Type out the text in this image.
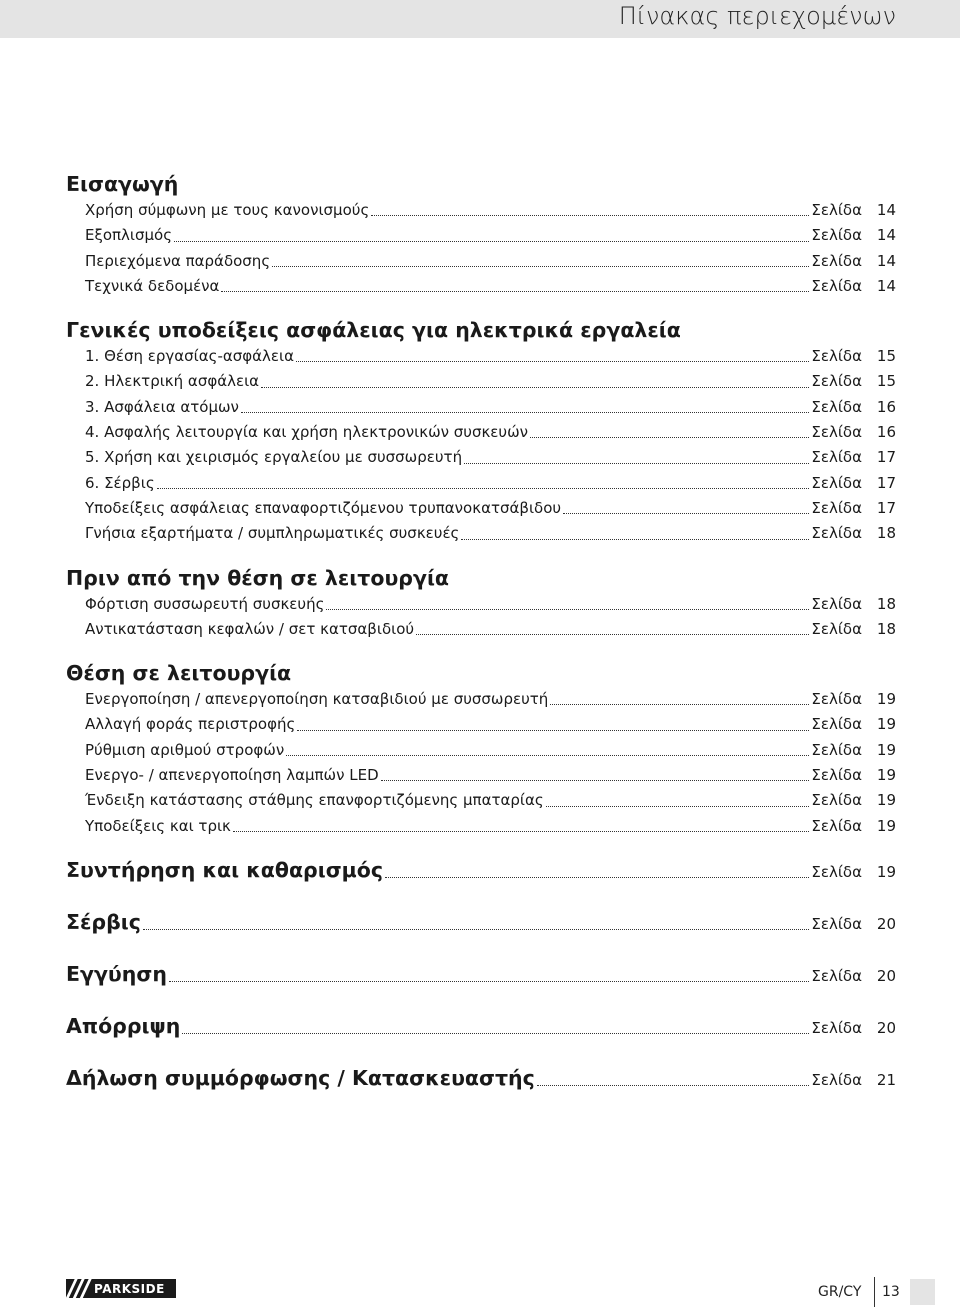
Πίνακας περιεχομένων
Εισαγωγή
Χρήση σύμφωνη με τους κανονισμούς	Σελίδα 14
Εξοπλισμός	Σελίδα 14
Περιεχόμενα παράδοσης	Σελίδα 14
Τεχνικά δεδομένα	Σελίδα 14
Γενικές υποδείξεις ασφάλειας για ηλεκτρικά εργαλεία
1. Θέση εργασίας-ασφάλεια	Σελίδα 15
2. Ηλεκτρική ασφάλεια	Σελίδα 15
3. Ασφάλεια ατόμων	Σελίδα 16
4. Ασφαλής λειτουργία και χρήση ηλεκτρονικών συσκευών	Σελίδα 16
5. Χρήση και χειρισμός εργαλείου με συσσωρευτή	Σελίδα 17
6. Σέρβις	Σελίδα 17
Υποδείξεις ασφάλειας επαναφορτιζόμενου τρυπανοκατσάβιδου	Σελίδα 17
Γνήσια εξαρτήματα / συμπληρωματικές συσκευές	Σελίδα 18
Πριν από την θέση σε λειτουργία
Φόρτιση συσσωρευτή συσκευής	Σελίδα 18
Αντικατάσταση κεφαλών / σετ κατσαβιδιού	Σελίδα 18
Θέση σε λειτουργία
Ενεργοποίηση / απενεργοποίηση κατσαβιδιού με συσσωρευτή	Σελίδα 19
Αλλαγή φοράς περιστροφής	Σελίδα 19
Ρύθμιση αριθμού στροφών	Σελίδα 19
Ενεργο- / απενεργοποίηση λαμπών LED	Σελίδα 19
Ένδειξη κατάστασης στάθμης επανφορτιζόμενης μπαταρίας	Σελίδα 19
Υποδείξεις και τρικ	Σελίδα 19
Συντήρηση και καθαρισμός	Σελίδα 19
Σέρβις	Σελίδα 20
Εγγύηση	Σελίδα 20
Απόρριψη	Σελίδα 20
Δήλωση συμμόρφωσης / Κατασκευαστής	Σελίδα 21
PARKSIDE	GR/CY 13
